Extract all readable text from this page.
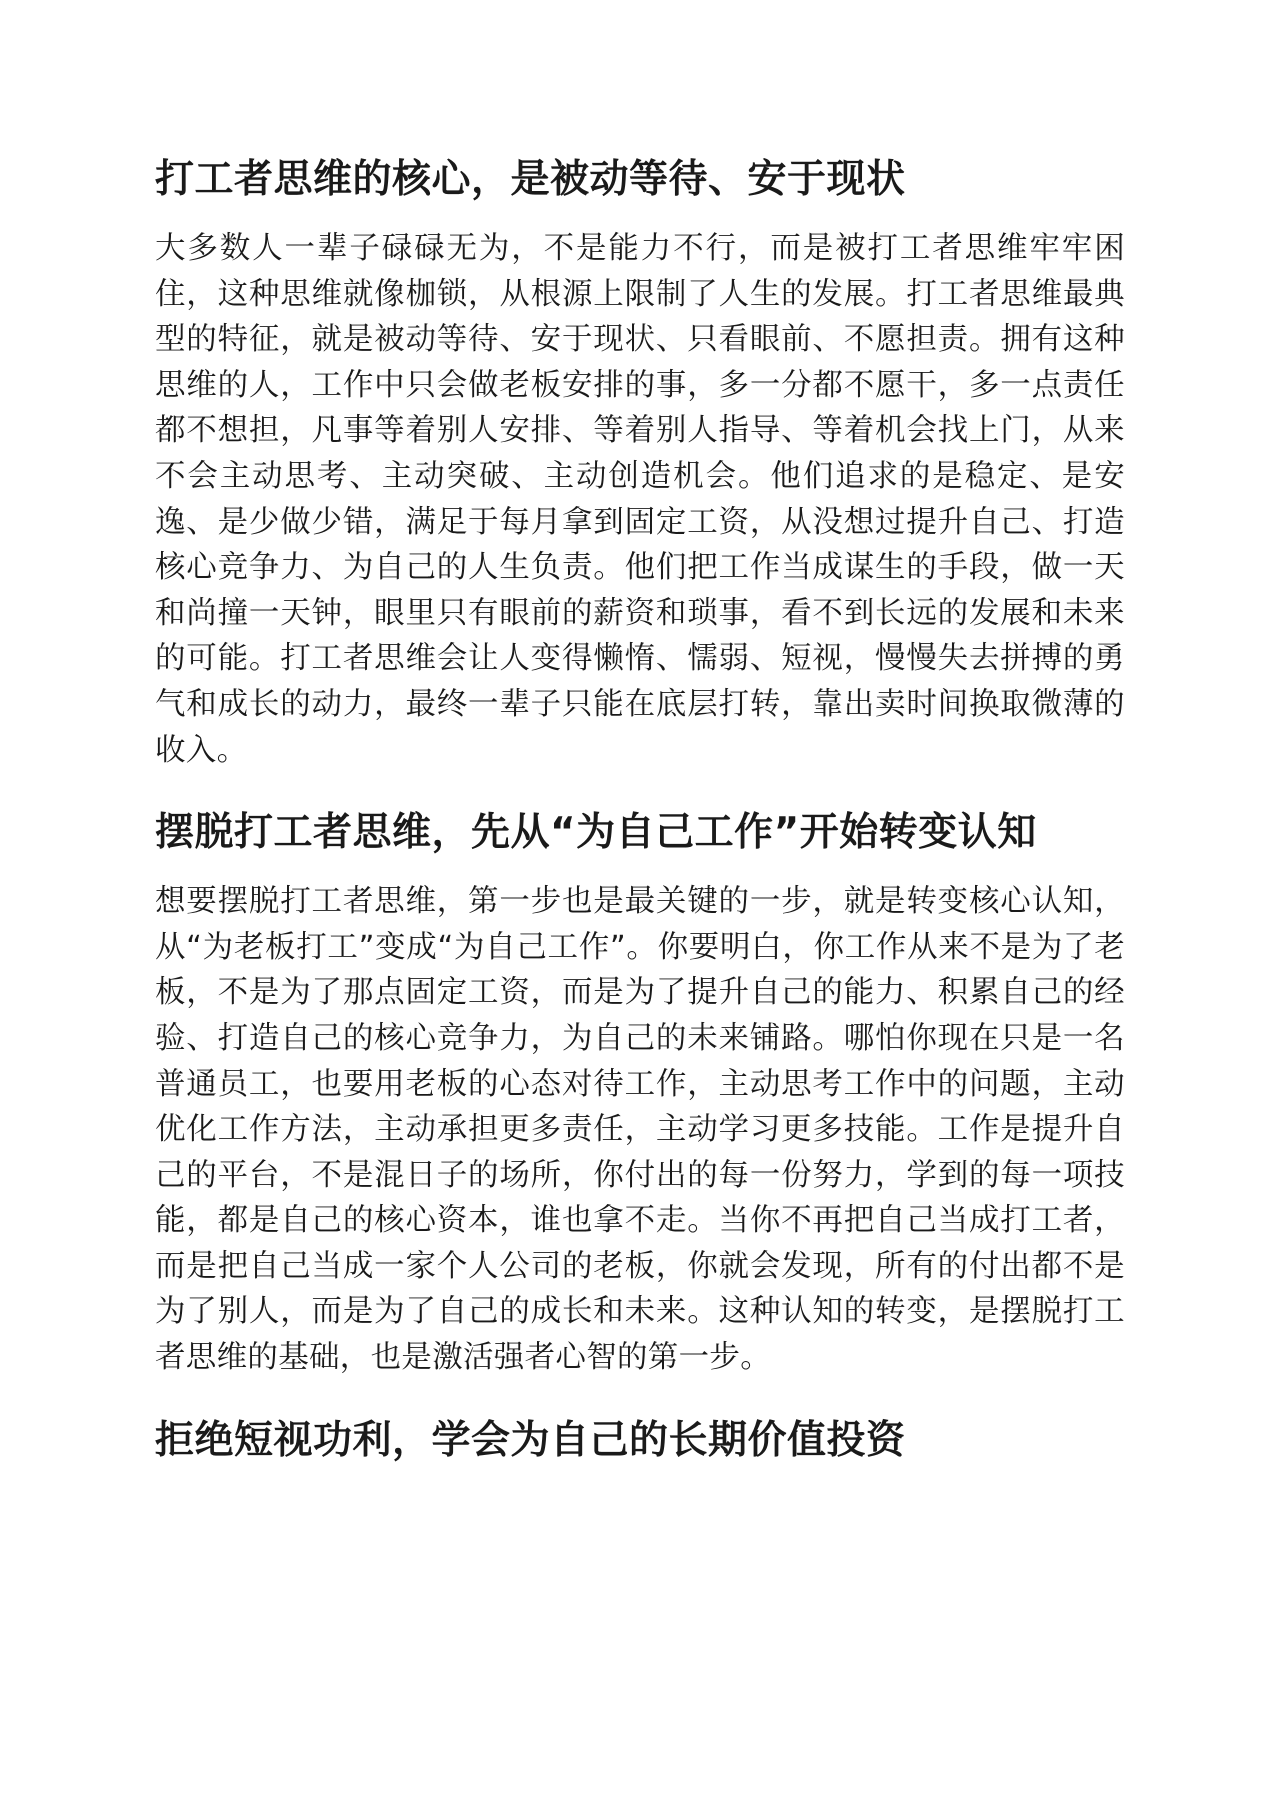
打工者思维的核心，是被动等待、安于现状

大多数人一辈子碌碌无为，不是能力不行，而是被打工者思维牢牢困住，这种思维就像枷锁，从根源上限制了人生的发展。打工者思维最典型的特征，就是被动等待、安于现状、只看眼前、不愿担责。拥有这种思维的人，工作中只会做老板安排的事，多一分都不愿干，多一点责任都不想担，凡事等着别人安排、等着别人指导、等着机会找上门，从来不会主动思考、主动突破、主动创造机会。他们追求的是稳定、是安逸、是少做少错，满足于每月拿到固定工资，从没想过提升自己、打造核心竞争力、为自己的人生负责。他们把工作当成谋生的手段，做一天和尚撞一天钟，眼里只有眼前的薪资和琐事，看不到长远的发展和未来的可能。打工者思维会让人变得懒惰、懦弱、短视，慢慢失去拼搏的勇气和成长的动力，最终一辈子只能在底层打转，靠出卖时间换取微薄的收入。

摆脱打工者思维，先从“为自己工作”开始转变认知

想要摆脱打工者思维，第一步也是最关键的一步，就是转变核心认知，从“为老板打工”变成“为自己工作”。你要明白，你工作从来不是为了老板，不是为了那点固定工资，而是为了提升自己的能力、积累自己的经验、打造自己的核心竞争力，为自己的未来铺路。哪怕你现在只是一名普通员工，也要用老板的心态对待工作，主动思考工作中的问题，主动优化工作方法，主动承担更多责任，主动学习更多技能。工作是提升自己的平台，不是混日子的场所，你付出的每一份努力，学到的每一项技能，都是自己的核心资本，谁也拿不走。当你不再把自己当成打工者，而是把自己当成一家个人公司的老板，你就会发现，所有的付出都不是为了别人，而是为了自己的成长和未来。这种认知的转变，是摆脱打工者思维的基础，也是激活强者心智的第一步。

拒绝短视功利，学会为自己的长期价值投资
